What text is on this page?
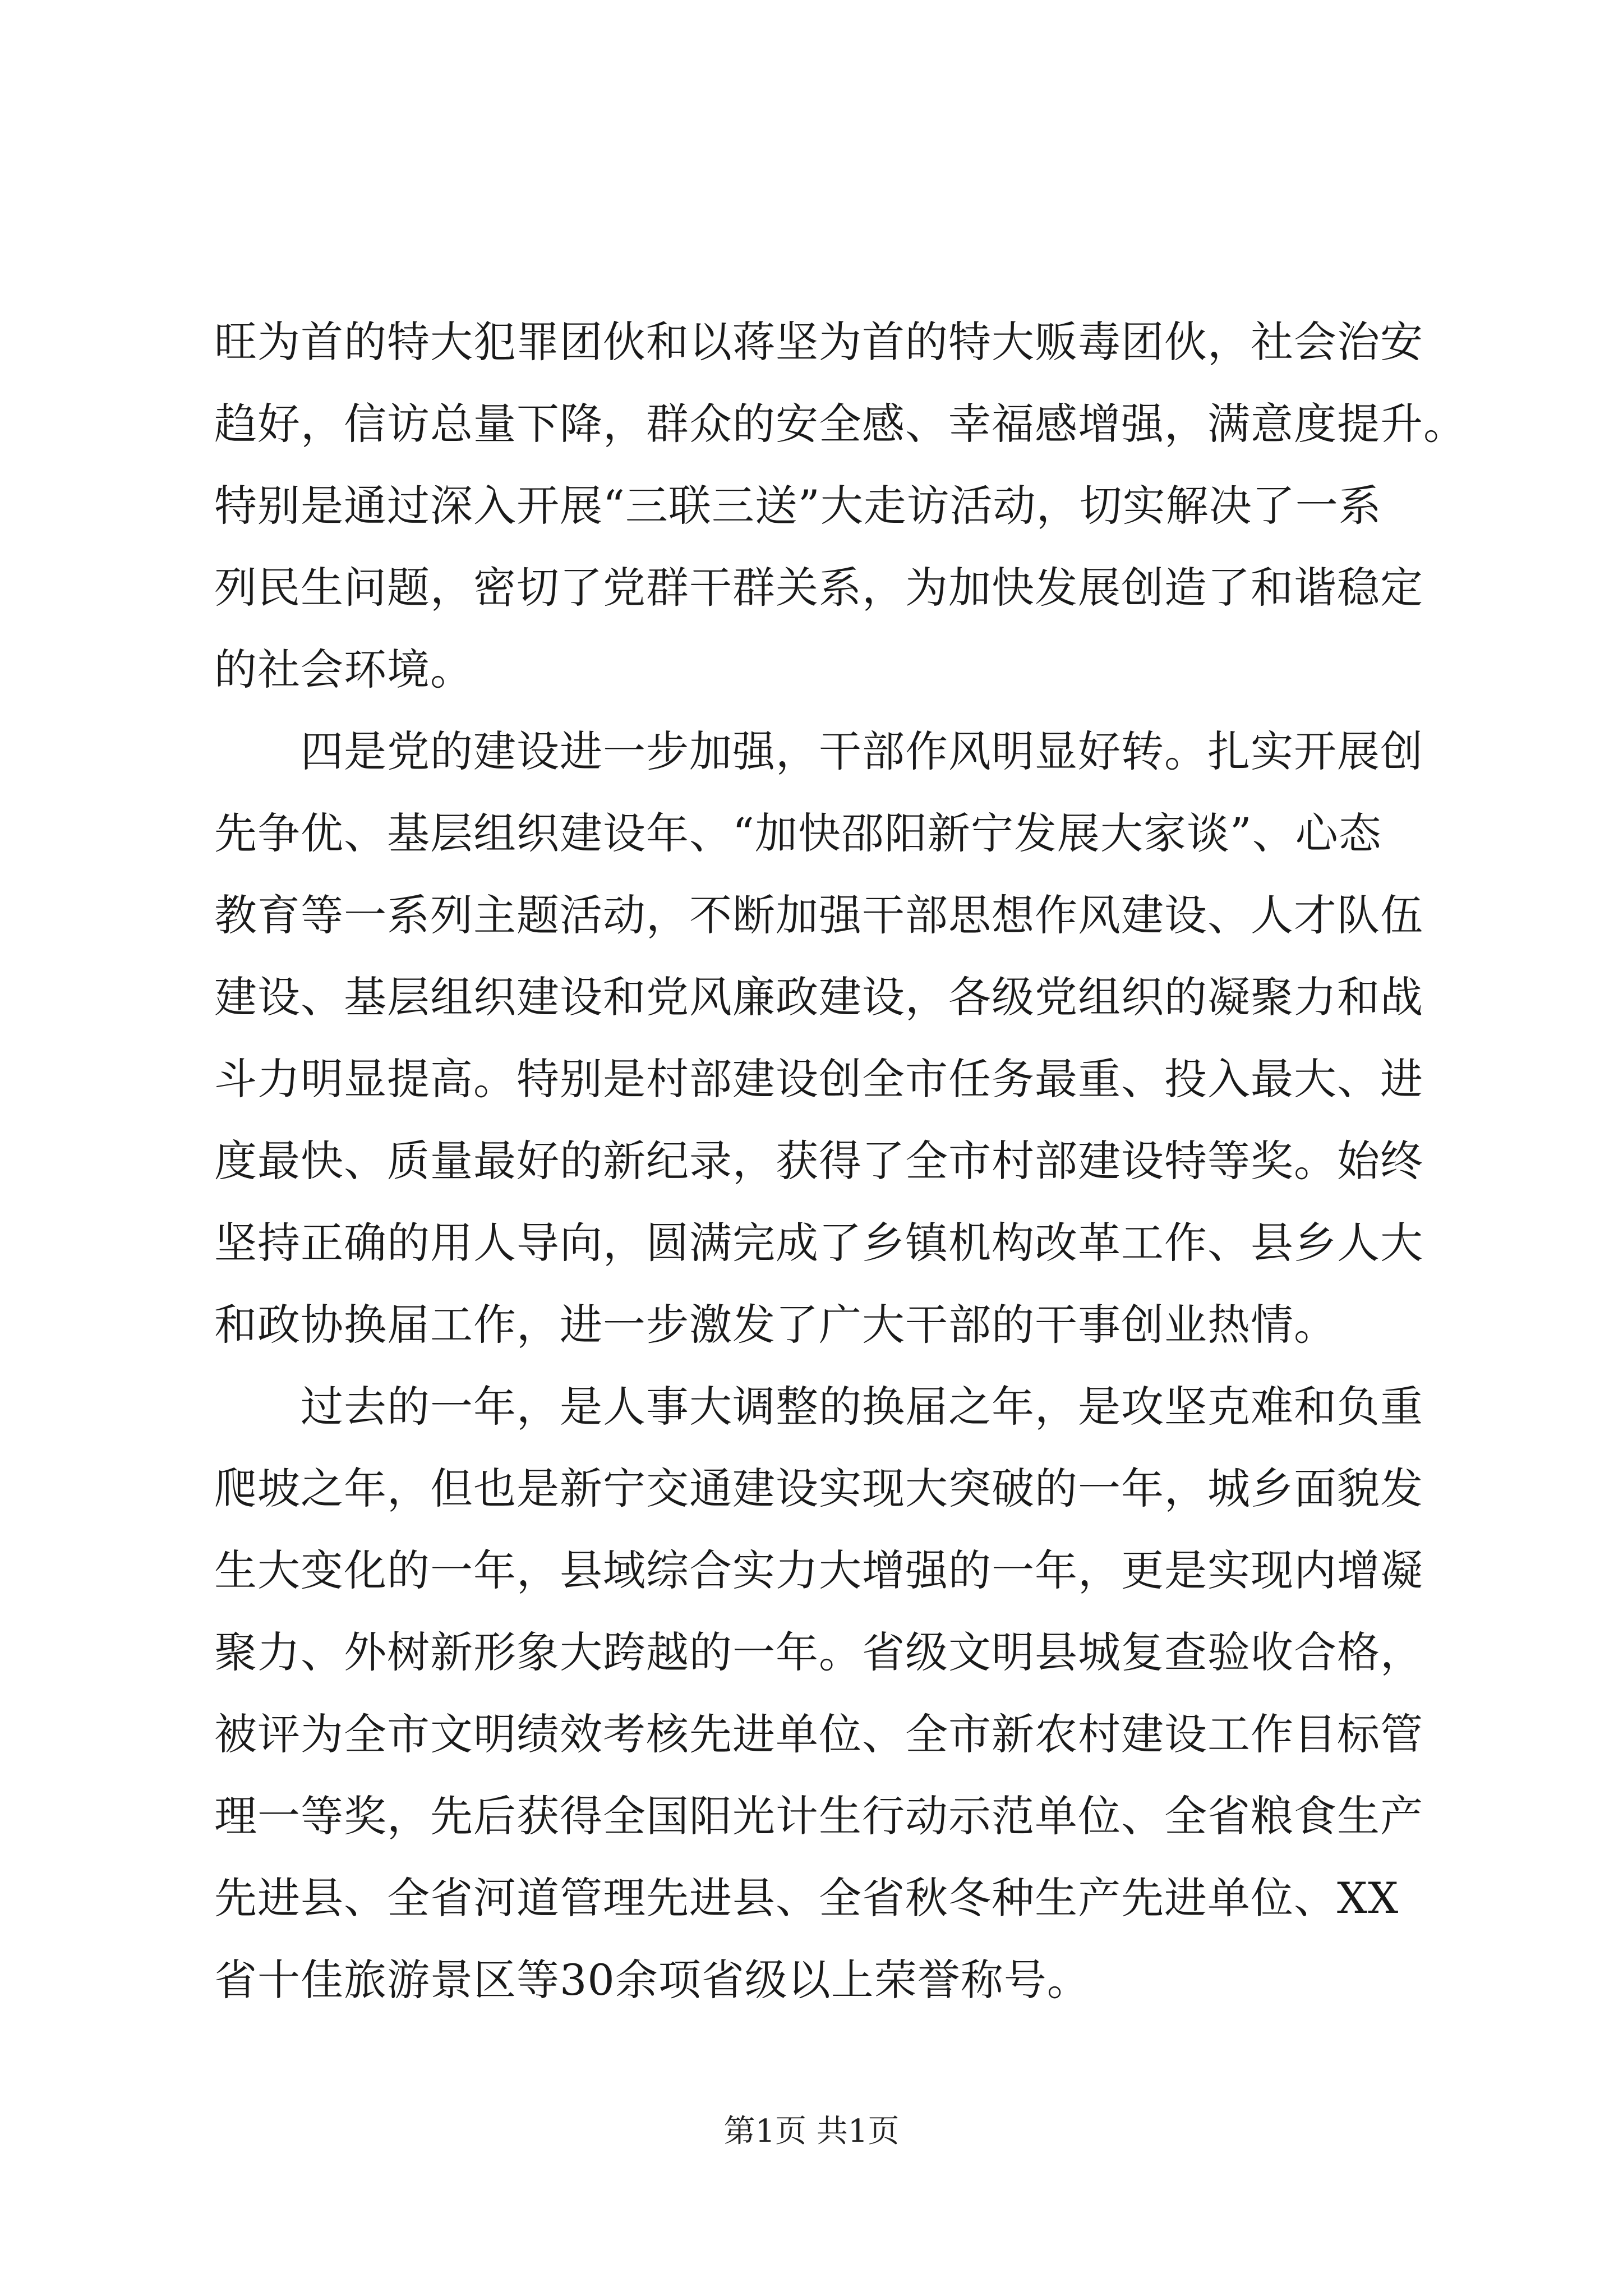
旺为首的特大犯罪团伙和以蒋坚为首的特大贩毒团伙，社会治安
趋好，信访总量下降，群众的安全感、幸福感增强，满意度提升。
特别是通过深入开展“三联三送”大走访活动，切实解决了一系
列民生问题，密切了党群干群关系，为加快发展创造了和谐稳定
的社会环境。
　　四是党的建设进一步加强，干部作风明显好转。扎实开展创
先争优、基层组织建设年、“加快邵阳新宁发展大家谈”、心态
教育等一系列主题活动，不断加强干部思想作风建设、人才队伍
建设、基层组织建设和党风廉政建设，各级党组织的凝聚力和战
斗力明显提高。特别是村部建设创全市任务最重、投入最大、进
度最快、质量最好的新纪录，获得了全市村部建设特等奖。始终
坚持正确的用人导向，圆满完成了乡镇机构改革工作、县乡人大
和政协换届工作，进一步激发了广大干部的干事创业热情。
　　过去的一年，是人事大调整的换届之年，是攻坚克难和负重
爬坡之年，但也是新宁交通建设实现大突破的一年，城乡面貌发
生大变化的一年，县域综合实力大增强的一年，更是实现内增凝
聚力、外树新形象大跨越的一年。省级文明县城复查验收合格，
被评为全市文明绩效考核先进单位、全市新农村建设工作目标管
理一等奖，先后获得全国阳光计生行动示范单位、全省粮食生产
先进县、全省河道管理先进县、全省秋冬种生产先进单位、XX
省十佳旅游景区等30余项省级以上荣誉称号。
第1页 共1页
